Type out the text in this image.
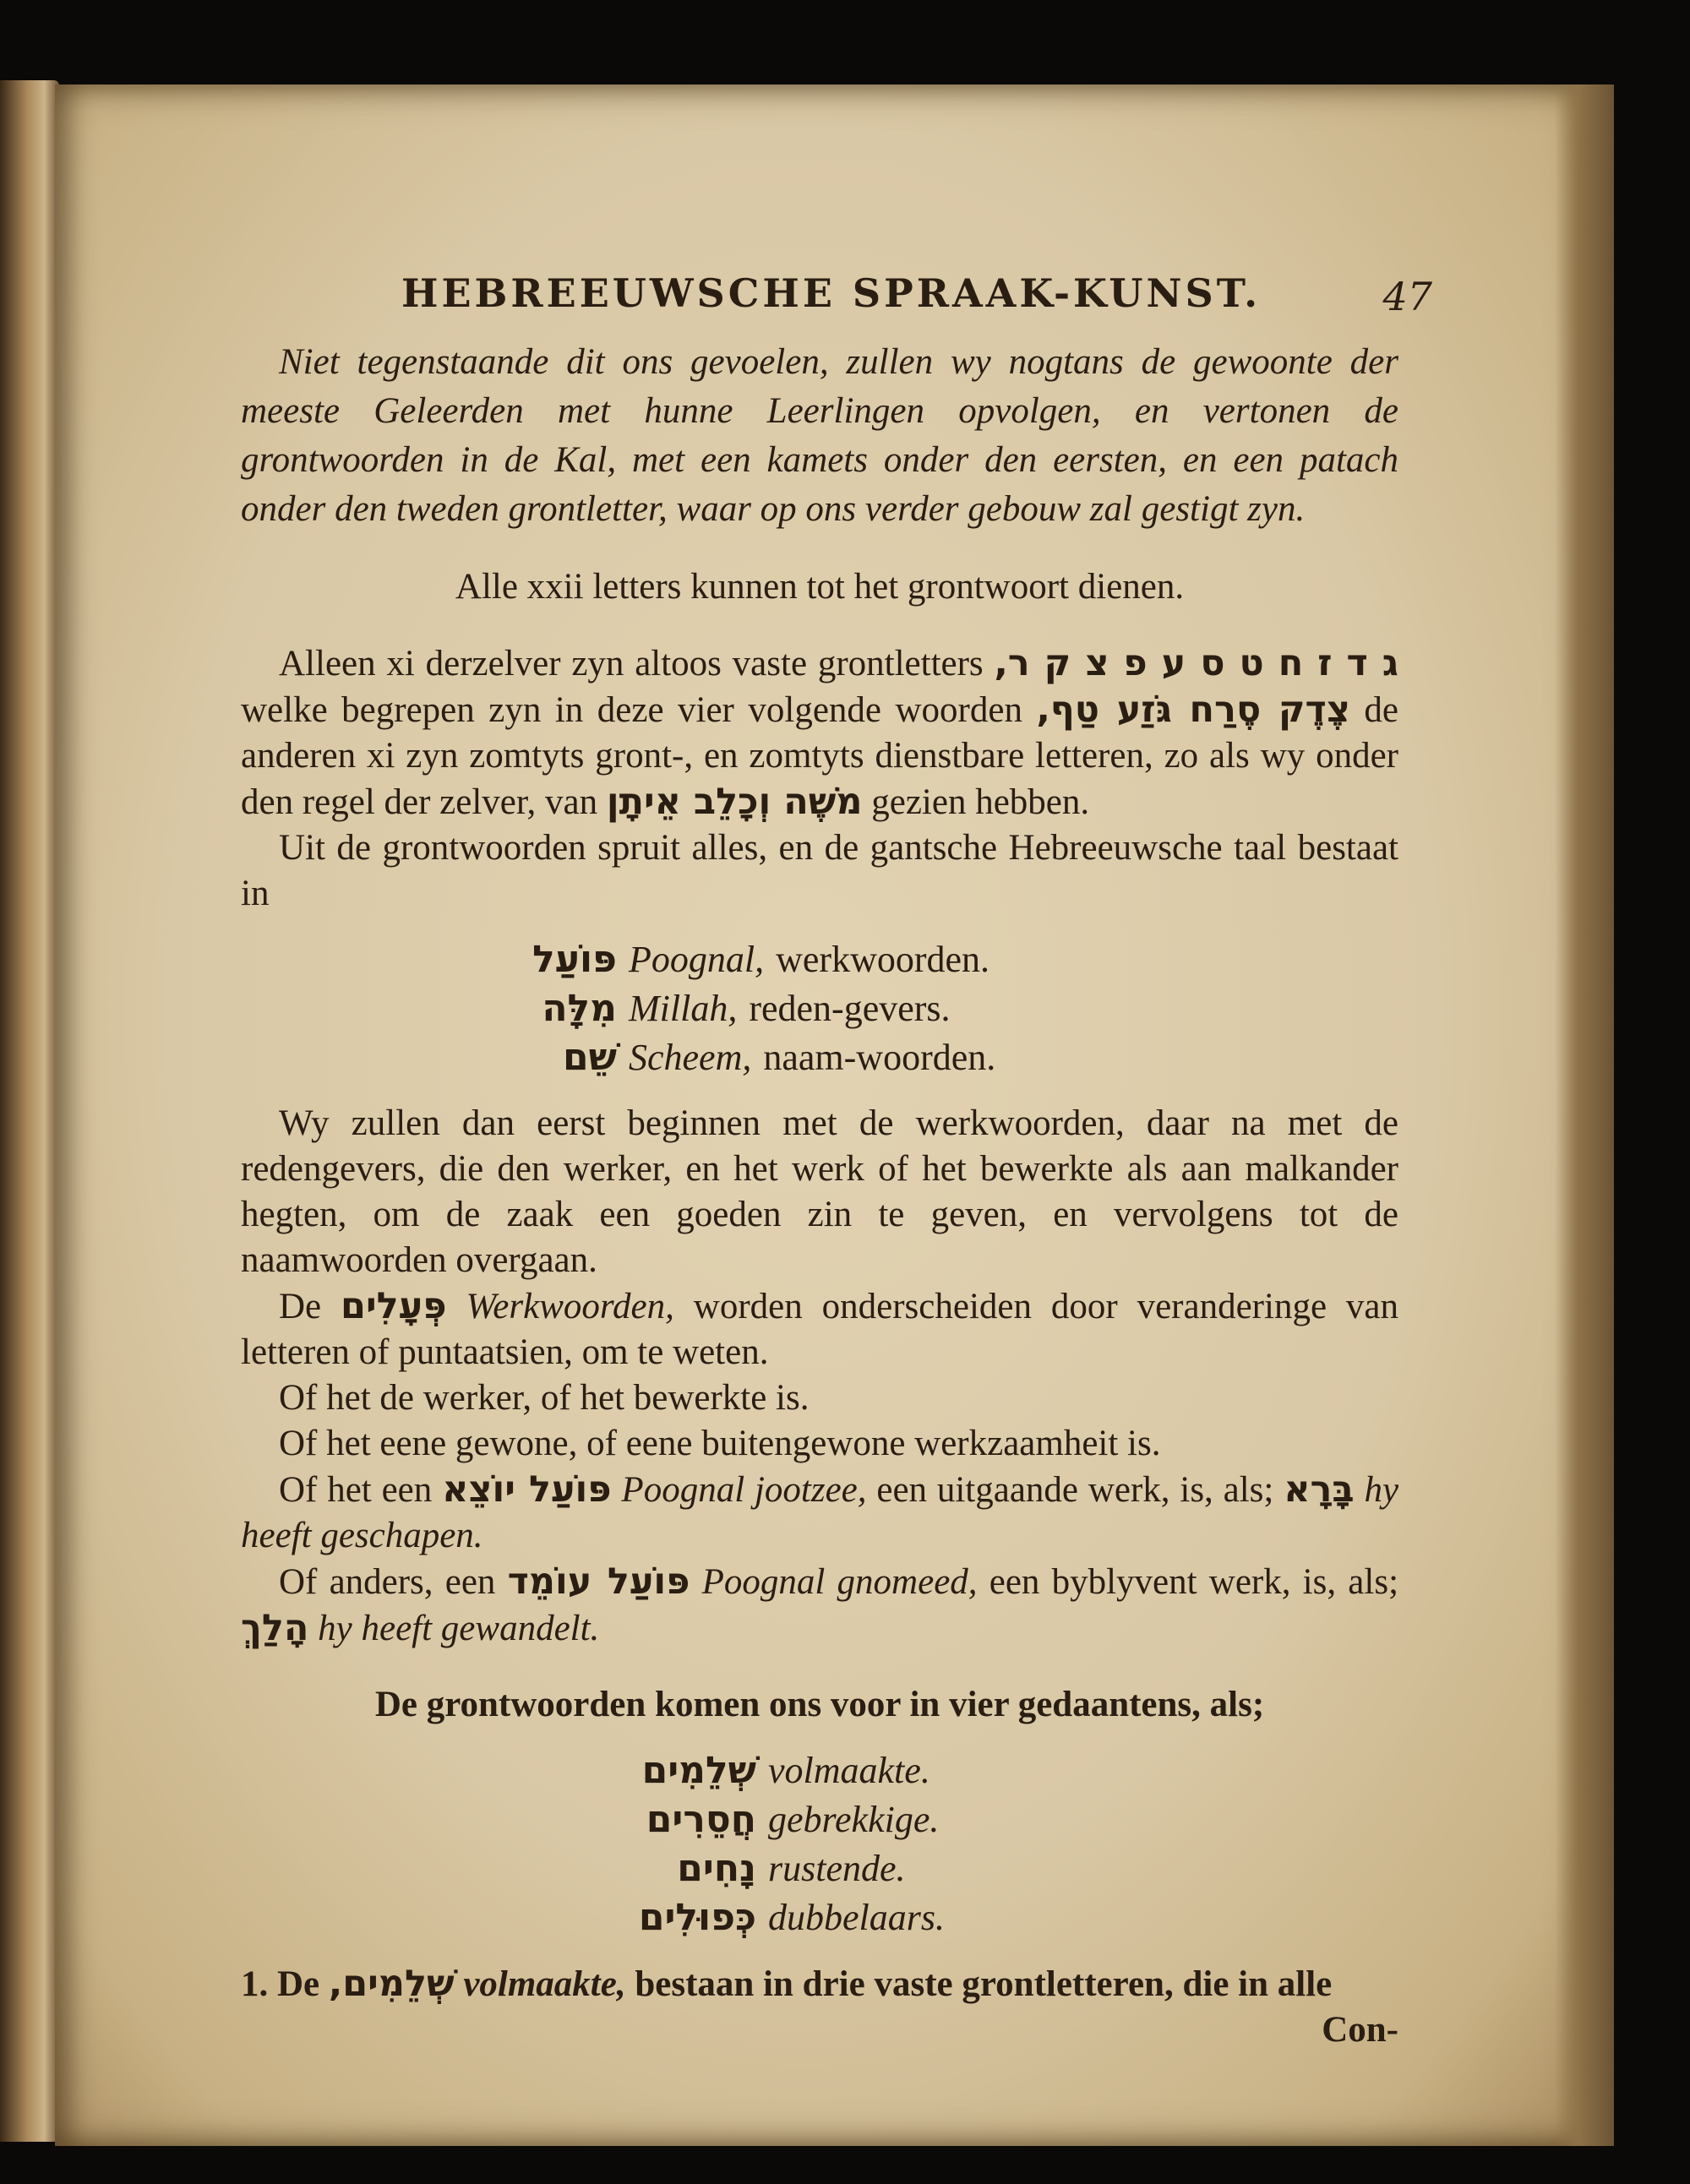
HEBREEUWSCHE SPRAAK-KUNST.	47

Niet tegenstaande dit ons gevoelen, zullen wy nogtans de gewoonte der meeste Geleerden met hunne Leerlingen opvolgen, en vertonen de grontwoorden in de Kal, met een kamets onder den eersten, en een patach onder den tweden grontletter, waar op ons verder gebouw zal gestigt zyn.

Alle xxii letters kunnen tot het grontwoort dienen.

Alleen xi derzelver zyn altoos vaste grontletters ג ד ז ח ט ס ע פ צ ק ר, welke begrepen zyn in deze vier volgende woorden צֶדֶק סֶרַח גֹּזַע טַף, de anderen xi zyn zomtyts gront-, en zomtyts dienstbare letteren, zo als wy onder den regel der zelver, van מֹשֶׁה וְכָלֵב אֵיתָן gezien hebben.

Uit de grontwoorden spruit alles, en de gantsche Hebreeuwsche taal bestaat in

פּוֹעַל Poognal, werkwoorden.
מִלָּה Millah, reden-gevers.
שֵׁם Scheem, naam-woorden.

Wy zullen dan eerst beginnen met de werkwoorden, daar na met de redengevers, die den werker, en het werk of het bewerkte als aan malkander hegten, om de zaak een goeden zin te geven, en vervolgens tot de naamwoorden overgaan.

De פְּעָלִים Werkwoorden, worden onderscheiden door veranderinge van letteren of puntaatsien, om te weten.

Of het de werker, of het bewerkte is.

Of het eene gewone, of eene buitengewone werkzaamheit is.

Of het een פּוֹעַל יוֹצֵא Poognal jootzee, een uitgaande werk, is, als; בָּרָא hy heeft geschapen.

Of anders, een פּוֹעַל עוֹמֵד Poognal gnomeed, een byblyvent werk, is, als; הָלַךְ hy heeft gewandelt.

De grontwoorden komen ons voor in vier gedaantens, als;

שְׁלֵמִים volmaakte.
חֲסֵרִים gebrekkige.
נָחִים rustende.
כְּפוּלִים dubbelaars.

1. De שְׁלֵמִים, volmaakte, bestaan in drie vaste grontletteren, die in alle

Con-
